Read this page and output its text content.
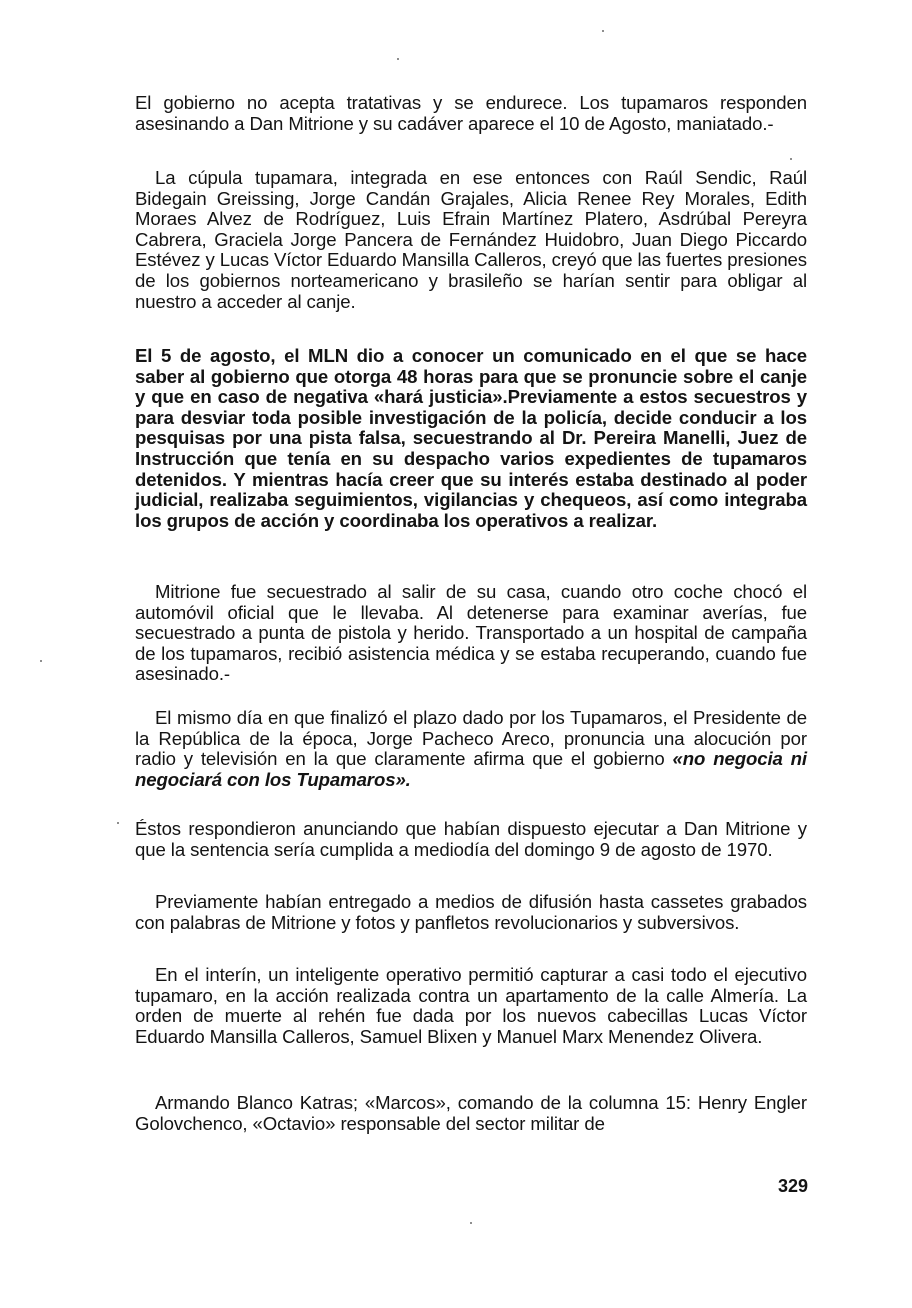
El gobierno no acepta tratativas y se endurece. Los tupamaros responden asesinando a Dan Mitrione y su cadáver aparece el 10 de Agosto, maniatado.-

La cúpula tupamara, integrada en ese entonces con Raúl Sendic, Raúl Bidegain Greissing, Jorge Candán Grajales, Alicia Renee Rey Morales, Edith Moraes Alvez de Rodríguez, Luis Efrain Martínez Platero, Asdrúbal Pereyra Cabrera, Graciela Jorge Pancera de Fernández Huidobro, Juan Diego Piccardo Estévez y Lucas Víctor Eduardo Mansilla Calleros, creyó que las fuertes presiones de los gobiernos norteamericano y brasileño se harían sentir para obligar al nuestro a acceder al canje.

El 5 de agosto, el MLN dio a conocer un comunicado en el que se hace saber al gobierno que otorga 48 horas para que se pronuncie sobre el canje y que en caso de negativa «hará justicia».Previamente a estos secuestros y para desviar toda posible investigación de la policía, decide conducir a los pesquisas por una pista falsa, secuestrando al Dr. Pereira Manelli, Juez de Instrucción que tenía en su despacho varios expedientes de tupamaros detenidos. Y mientras hacía creer que su interés estaba destinado al poder judicial, realizaba seguimientos, vigilancias y chequeos, así como integraba los grupos de acción y coordinaba los operativos a realizar.

Mitrione fue secuestrado al salir de su casa, cuando otro coche chocó el automóvil oficial que le llevaba. Al detenerse para examinar averías, fue secuestrado a punta de pistola y herido. Transportado a un hospital de campaña de los tupamaros, recibió asistencia médica y se estaba recuperando, cuando fue asesinado.-

El mismo día en que finalizó el plazo dado por los Tupamaros, el Presidente de la República de la época, Jorge Pacheco Areco, pronuncia una alocución por radio y televisión en la que claramente afirma que el gobierno «no negocia ni negociará con los Tupamaros».

Éstos respondieron anunciando que habían dispuesto ejecutar a Dan Mitrione y que la sentencia sería cumplida a mediodía del domingo 9 de agosto de 1970.

Previamente habían entregado a medios de difusión hasta cassetes grabados con palabras de Mitrione y fotos y panfletos revolucionarios y subversivos.

En el interín, un inteligente operativo permitió capturar a casi todo el ejecutivo tupamaro, en la acción realizada contra un apartamento de la calle Almería. La orden de muerte al rehén fue dada por los nuevos cabecillas Lucas Víctor Eduardo Mansilla Calleros, Samuel Blixen y Manuel Marx Menendez Olivera.

Armando Blanco Katras; «Marcos», comando de la columna 15: Henry Engler Golovchenco, «Octavio» responsable del sector militar de

329
